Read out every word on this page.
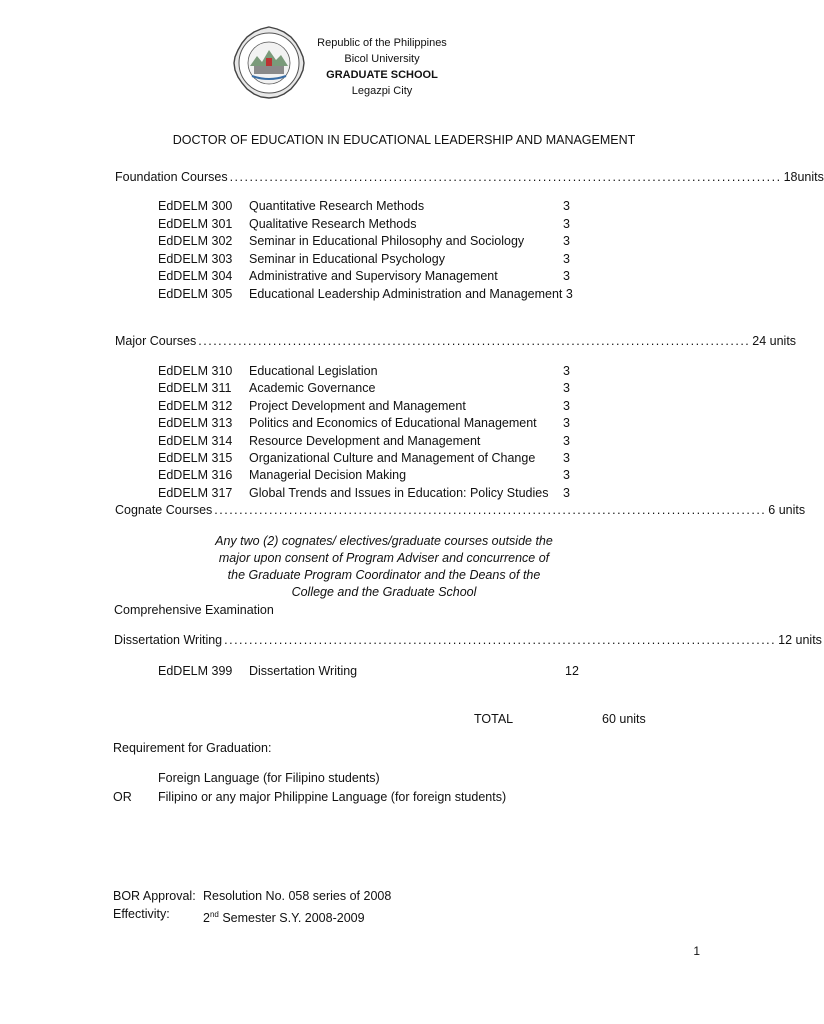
Republic of the Philippines
Bicol University
GRADUATE SCHOOL
Legazpi City
DOCTOR OF EDUCATION IN EDUCATIONAL LEADERSHIP AND MANAGEMENT
Foundation Courses ............................................................................................................... 18units
EdDELM 300 Quantitative Research Methods	3
EdDELM 301 Qualitative Research Methods	3
EdDELM 302 Seminar in Educational Philosophy and Sociology	3
EdDELM 303 Seminar in Educational Psychology	3
EdDELM 304 Administrative and Supervisory Management	3
EdDELM 305 Educational Leadership Administration and Management 3
Major Courses ............................................................................................................... 24 units
EdDELM 310 Educational Legislation	3
EdDELM 311 Academic Governance	3
EdDELM 312 Project Development and Management	3
EdDELM 313 Politics and Economics of Educational Management 3
EdDELM 314 Resource Development and Management	3
EdDELM 315 Organizational Culture and Management of Change 3
EdDELM 316 Managerial Decision Making	3
EdDELM 317 Global Trends and Issues in Education: Policy Studies 3
Cognate Courses ............................................................................................................... 6 units
Any two (2) cognates/ electives/graduate courses outside the
major upon consent of Program Adviser and concurrence of
the Graduate Program Coordinator and the Deans of the
College and the Graduate School
Comprehensive Examination
Dissertation Writing ............................................................................................................... 12 units
EdDELM 399 Dissertation Writing	12
TOTAL	60 units
Requirement for Graduation:
Foreign Language (for Filipino students)
OR Filipino or any major Philippine Language (for foreign students)
BOR Approval: Resolution No. 058 series of 2008
Effectivity:	2nd Semester S.Y. 2008-2009
1
